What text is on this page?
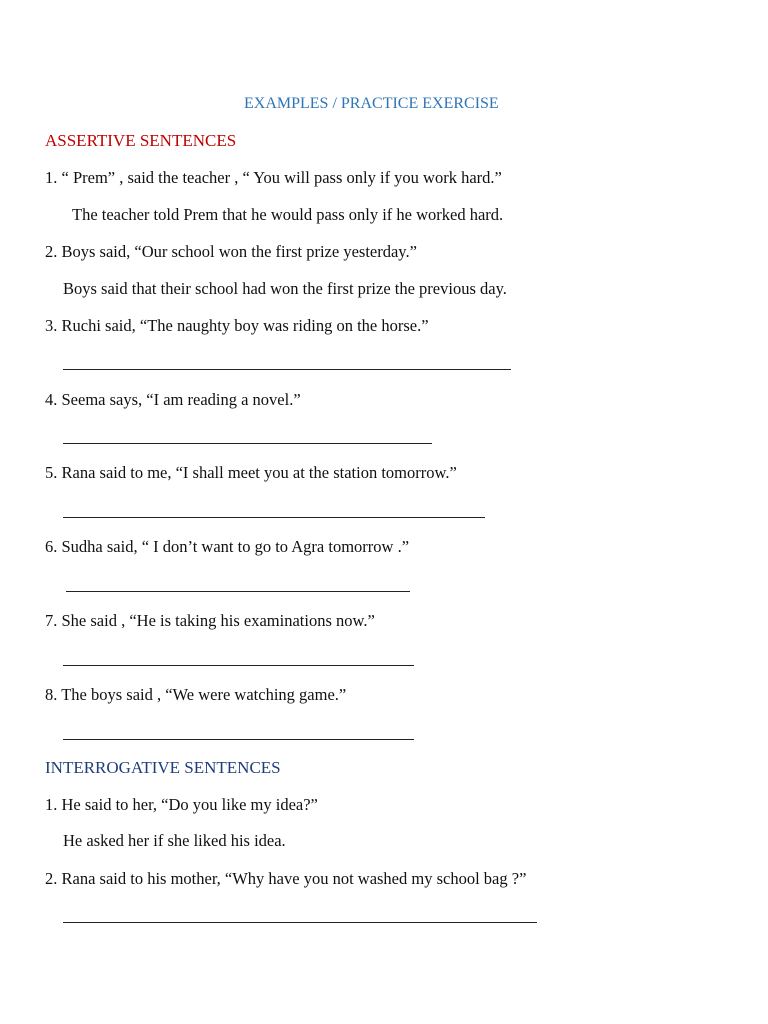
EXAMPLES / PRACTICE EXERCISE
ASSERTIVE SENTENCES
1. “ Prem” , said the teacher , “ You will pass only if you work hard.”
The teacher told Prem that he would pass only if he worked hard.
2. Boys said, “Our school won the first prize yesterday.”
Boys said that their school had won the first prize the previous day.
3. Ruchi said, “The naughty boy was riding on the horse.”
4. Seema says, “I am reading a novel.”
5. Rana said to me, “I shall meet you at the station tomorrow.”
6. Sudha said, “ I don’t want to go to Agra tomorrow .”
7. She said , “He is taking his examinations now.”
8. The boys said , “We were watching game.”
INTERROGATIVE SENTENCES
1. He said to her, “Do you like my idea?”
He asked her if she liked his idea.
2. Rana said to his mother, “Why have you not washed my school bag ?”
